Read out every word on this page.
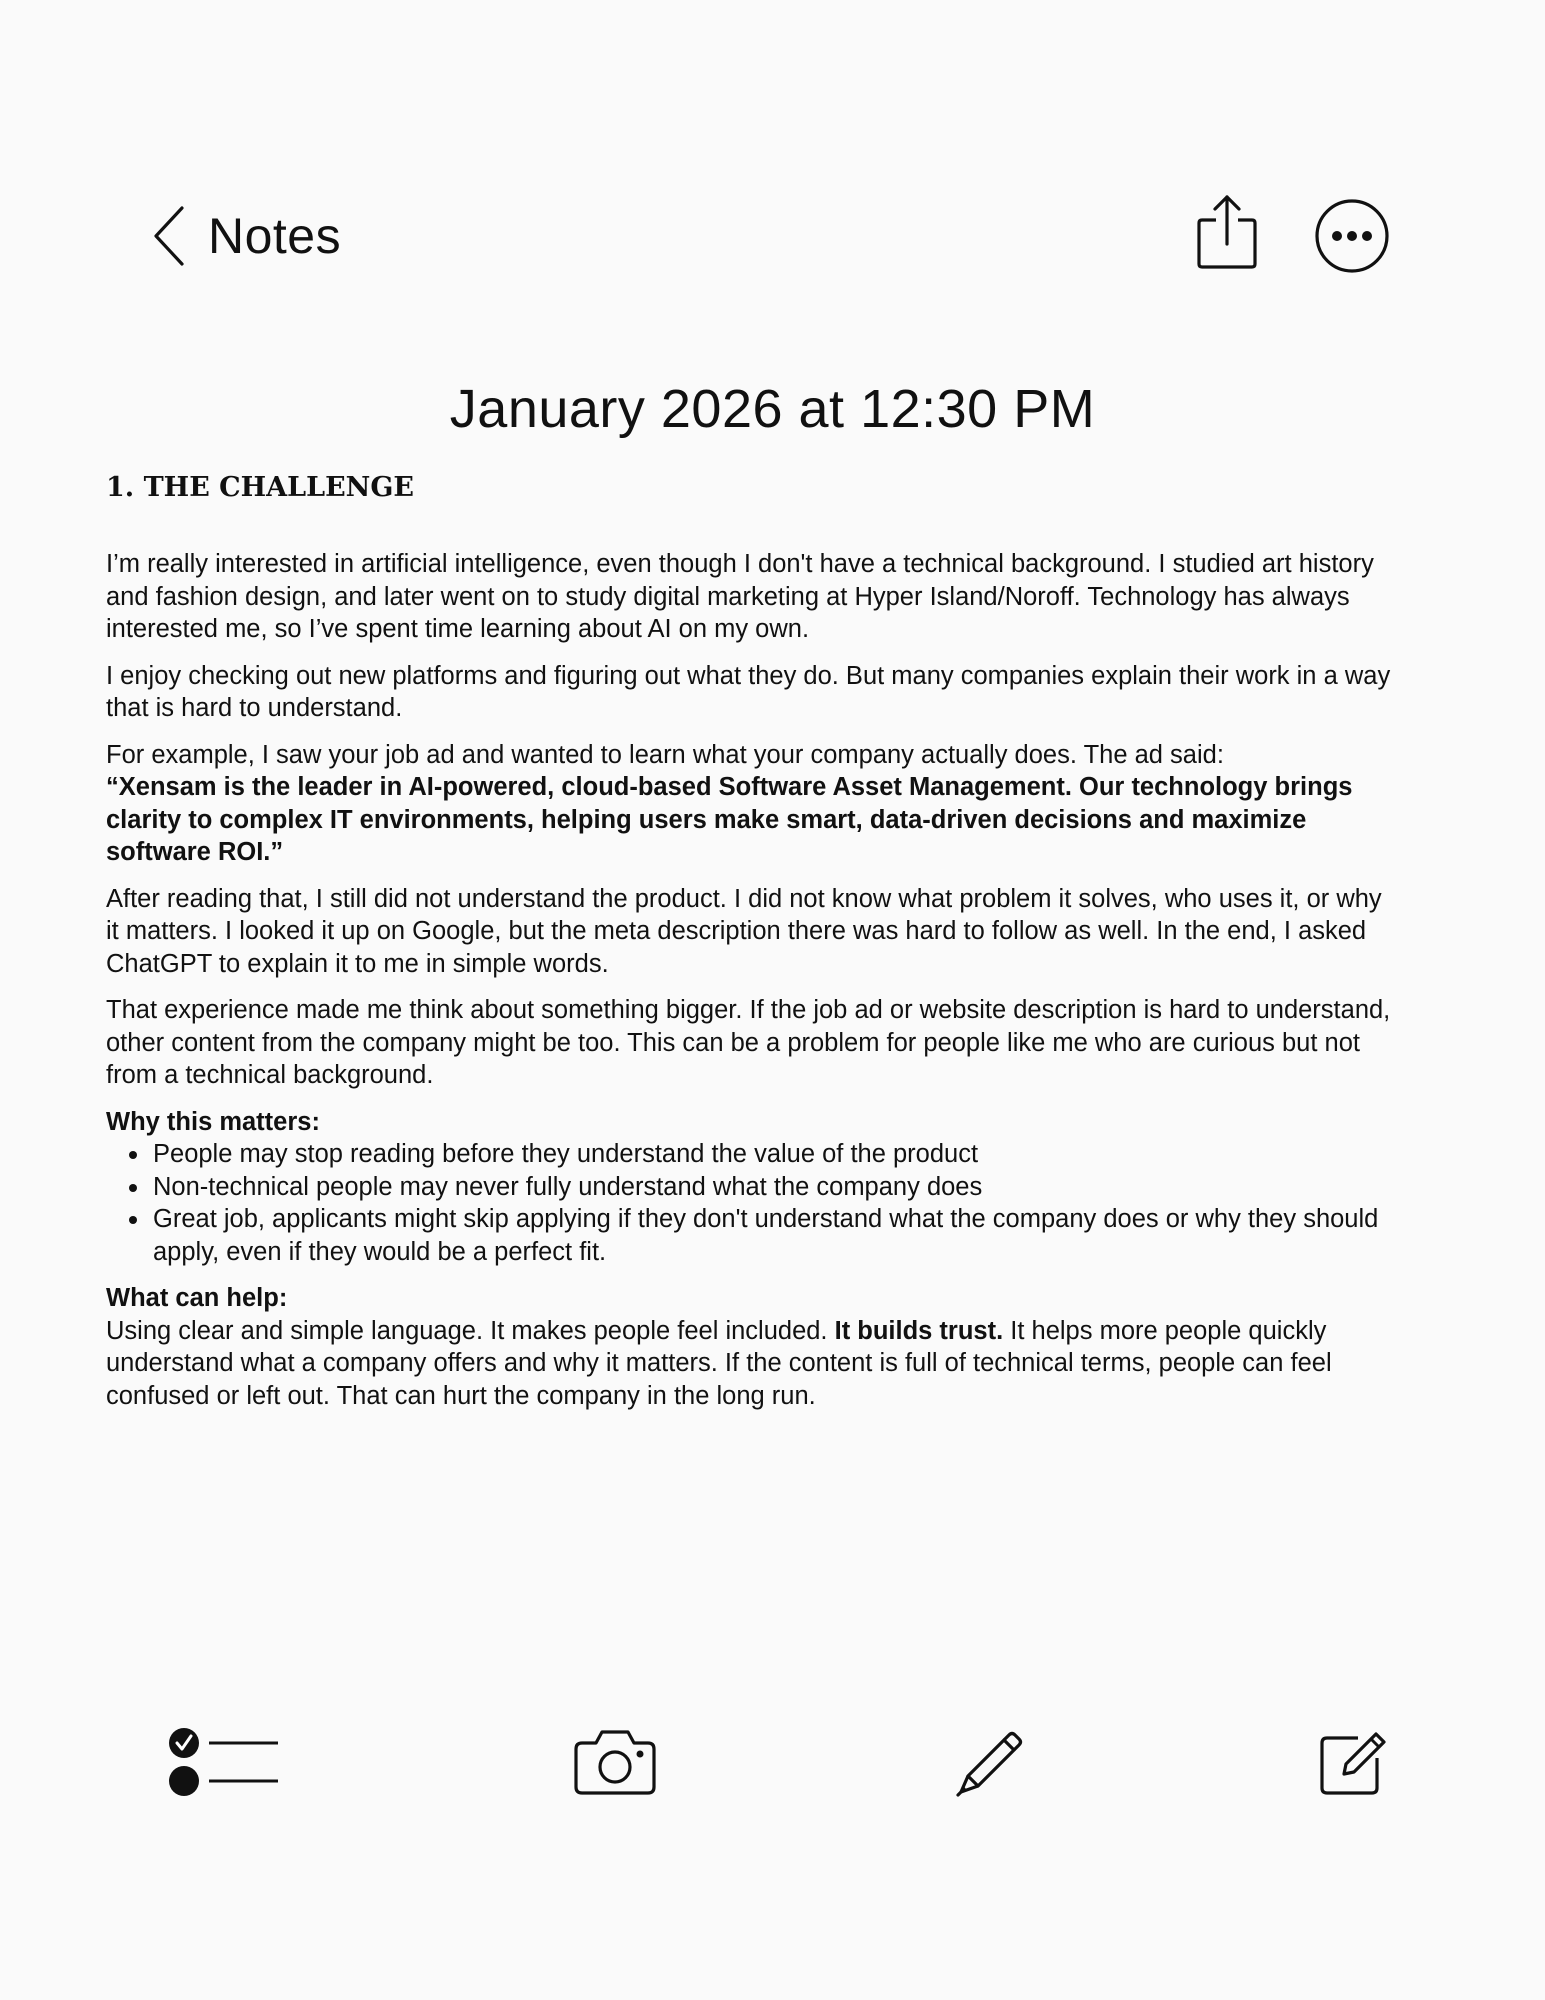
Notes
January 2026 at 12:30 PM
1. THE CHALLENGE

I’m really interested in artificial intelligence, even though I don't have a technical background. I studied art history and fashion design, and later went on to study digital marketing at Hyper Island/Noroff. Technology has always interested me, so I’ve spent time learning about AI on my own.

I enjoy checking out new platforms and figuring out what they do. But many companies explain their work in a way that is hard to understand.

For example, I saw your job ad and wanted to learn what your company actually does. The ad said:
“Xensam is the leader in AI-powered, cloud-based Software Asset Management. Our technology brings clarity to complex IT environments, helping users make smart, data-driven decisions and maximize software ROI.”

After reading that, I still did not understand the product. I did not know what problem it solves, who uses it, or why it matters. I looked it up on Google, but the meta description there was hard to follow as well. In the end, I asked ChatGPT to explain it to me in simple words.

That experience made me think about something bigger. If the job ad or website description is hard to understand, other content from the company might be too. This can be a problem for people like me who are curious but not from a technical background.

Why this matters:

People may stop reading before they understand the value of the product
Non-technical people may never fully understand what the company does
Great job, applicants might skip applying if they don't understand what the company does or why they should apply, even if they would be a perfect fit.

What can help:

Using clear and simple language. It makes people feel included. It builds trust. It helps more people quickly understand what a company offers and why it matters. If the content is full of technical terms, people can feel confused or left out. That can hurt the company in the long run.
